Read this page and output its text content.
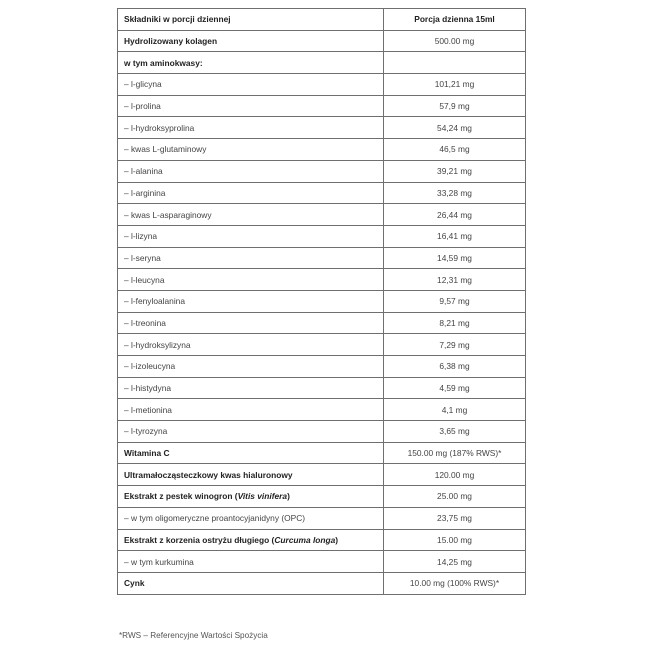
Składniki w porcji dziennej	Porcja dzienna 15ml
Hydrolizowany kolagen	500.00 mg
w tym aminokwasy:	
– l-glicyna	101,21 mg
– l-prolina	57,9 mg
– l-hydroksyprolina	54,24 mg
– kwas L-glutaminowy	46,5 mg
– l-alanina	39,21 mg
– l-arginina	33,28 mg
– kwas L-asparaginowy	26,44 mg
– l-lizyna	16,41 mg
– l-seryna	14,59 mg
– l-leucyna	12,31 mg
– l-fenyloalanina	9,57 mg
– l-treonina	8,21 mg
– l-hydroksylizyna	7,29 mg
– l-izoleucyna	6,38 mg
– l-histydyna	4,59 mg
– l-metionina	4,1 mg
– l-tyrozyna	3,65 mg
Witamina C	150.00 mg (187% RWS)*
Ultramałocząsteczkowy kwas hialuronowy	120.00 mg
Ekstrakt z pestek winogron (Vitis vinifera)	25.00 mg
– w tym oligomeryczne proantocyjanidyny (OPC)	23,75 mg
Ekstrakt z korzenia ostryżu długiego (Curcuma longa)	15.00 mg
– w tym kurkumina	14,25 mg
Cynk	10.00 mg (100% RWS)*
*RWS – Referencyjne Wartości Spożycia
